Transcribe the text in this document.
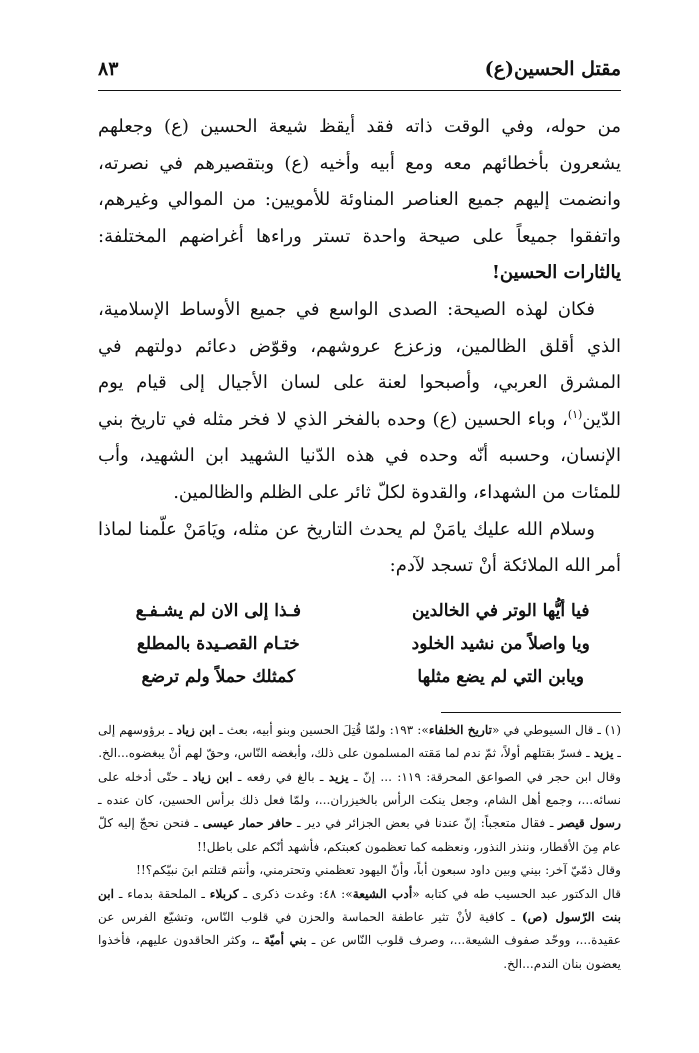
مقتل الحسين(ع)
٨٣

من حوله، وفي الوقت ذاته فقد أيقظ شيعة الحسين (ع) وجعلهم يشعرون بأخطائهم معه ومع أبيه وأخيه (ع) وبتقصيرهم في نصرته، وانضمت إليهم جميع العناصر المناوئة للأمويين: من الموالي وغيرهم، واتفقوا جميعاً على صيحة واحدة تستر وراءها أغراضهم المختلفة: يالثارات الحسين!

فكان لهذه الصيحة: الصدى الواسع في جميع الأوساط الإسلامية، الذي أقلق الظالمين، وزعزع عروشهم، وقوّض دعائم دولتهم في المشرق العربي، وأصبحوا لعنة على لسان الأجيال إلى قيام يوم الدّين$^{(١)}$، وباء الحسين (ع) وحده بالفخر الذي لا فخر مثله في تاريخ بني الإنسان، وحسبه أنّه وحده في هذه الدّنيا الشهيد ابن الشهيد، وأب للمئات من الشهداء، والقدوة لكلّ ثائر على الظلم والظالمين.

وسلام الله عليك يامَنْ لم يحدث التاريخ عن مثله، ويَامَنْ علّمنا لماذا أمر الله الملائكة أنْ تسجد لآدم:

فيا أيُّها الوتر في الخالدين
فـذا إلى الان لم يشـفـع
ويا واصلاً من نشيد الخلود
ختـام القصـيدة بالمطلع
ويابن التي لم يضع مثلها
كمثلك حملاً ولم ترضع

(١) ـ قال السيوطي في «تاريخ الخلفاء»: ١٩٣: ولمّا قُتِلَ الحسين وبنو أبيه، بعث ـ ابن زياد ـ برؤوسهم إلى ـ يزيد ـ فسرّ بقتلهم أولاً، ثمّ ندم لما مَقته المسلمون على ذلك، وأبغضه النّاس، وحقّ لهم أنْ يبغضوه...الخ.

وقال ابن حجر في الصواعق المحرقة: ١١٩: ... إنّ ـ يزيد ـ بالغ في رفعه ـ ابن زياد ـ حتّى أدخله على نسائه...، وجمع أهل الشام، وجعل ينكت الرأس بالخيزران...، ولمّا فعل ذلك برأس الحسين، كان عنده ـ رسول قيصر ـ فقال متعجباً: إنّ عندنا في بعض الجزائر في دير ـ حافر حمار عيسى ـ فنحن نحجّ إليه كلّ عام مِنَ الأقطار، وننذر النذور، ونعظمه كما تعظمون كعبتكم، فأشهد أنّكم على باطل!!

وقال ذمّيّ آخر: بيني وبين داود سبعون أباً، وأنّ اليهود تعظمني وتحترمني، وأنتم قتلتم ابنَ نبيّكم؟!!

قال الدكتور عبد الحسيب طه في كتابه «أدب الشيعة»: ٤٨: وغدت ذكرى ـ كربلاء ـ الملحقة بدماء ـ ابن بنت الرّسول (ص) ـ كافية لأنْ تثير عاطفة الحماسة والحزن في قلوب النّاس، وتشيّع الفرس عن عقيدة...، ووحّد صفوف الشيعة...، وصرف قلوب النّاس عن ـ بني أميّة ـ، وكثر الحاقدون عليهم، فأخذوا يعضون بنان الندم...الخ.
